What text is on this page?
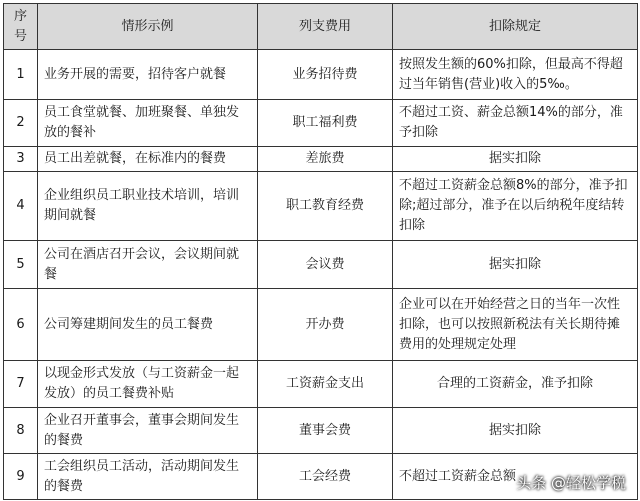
序号	情形示例	列支费用	扣除规定
1	业务开展的需要，招待客户就餐	业务招待费	按照发生额的60%扣除，但最高不得超过当年销售(营业)收入的5‰。
2	员工食堂就餐、加班聚餐、单独发放的餐补	职工福利费	不超过工资、薪金总额14%的部分，准予扣除
3	员工出差就餐，在标准内的餐费	差旅费	据实扣除
4	企业组织员工职业技术培训，培训期间就餐	职工教育经费	不超过工资薪金总额8%的部分，准予扣除;超过部分，准予在以后纳税年度结转扣除
5	公司在酒店召开会议，会议期间就餐	会议费	据实扣除
6	公司筹建期间发生的员工餐费	开办费	企业可以在开始经营之日的当年一次性扣除，也可以按照新税法有关长期待摊费用的处理规定处理
7	以现金形式发放（与工资薪金一起发放）的员工餐费补贴	工资薪金支出	合理的工资薪金，准予扣除
8	企业召开董事会，董事会期间发生的餐费	董事会费	据实扣除
9	工会组织员工活动，活动期间发生的餐费	工会经费	不超过工资薪金总额 头条 @轻松学税
